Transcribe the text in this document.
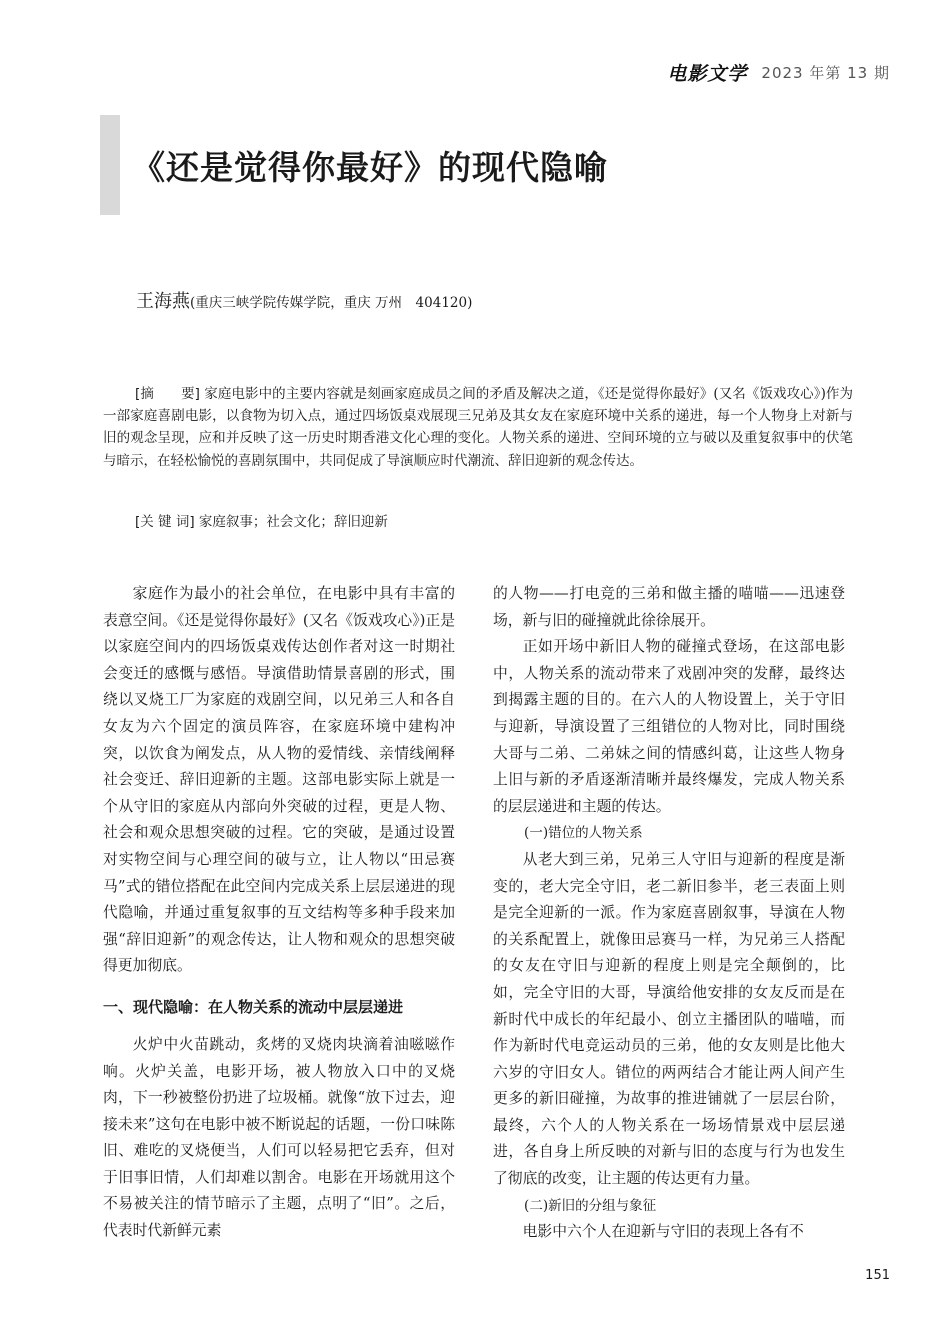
电影文学 2023 年第 13 期
《还是觉得你最好》的现代隐喻
王海燕(重庆三峡学院传媒学院，重庆 万州　404120)

[摘　　要] 家庭电影中的主要内容就是刻画家庭成员之间的矛盾及解决之道，《还是觉得你最好》(又名《饭戏攻心》)作为一部家庭喜剧电影，以食物为切入点，通过四场饭桌戏展现三兄弟及其女友在家庭环境中关系的递进，每一个人物身上对新与旧的观念呈现，应和并反映了这一历史时期香港文化心理的变化。人物关系的递进、空间环境的立与破以及重复叙事中的伏笔与暗示，在轻松愉悦的喜剧氛围中，共同促成了导演顺应时代潮流、辞旧迎新的观念传达。

[关 键 词] 家庭叙事；社会文化；辞旧迎新

家庭作为最小的社会单位，在电影中具有丰富的表意空间。《还是觉得你最好》(又名《饭戏攻心》)正是以家庭空间内的四场饭桌戏传达创作者对这一时期社会变迁的感慨与感悟。导演借助情景喜剧的形式，围绕以叉烧工厂为家庭的戏剧空间，以兄弟三人和各自女友为六个固定的演员阵容，在家庭环境中建构冲突，以饮食为阐发点，从人物的爱情线、亲情线阐释社会变迁、辞旧迎新的主题。这部电影实际上就是一个从守旧的家庭从内部向外突破的过程，更是人物、社会和观众思想突破的过程。它的突破，是通过设置对实物空间与心理空间的破与立，让人物以“田忌赛马”式的错位搭配在此空间内完成关系上层层递进的现代隐喻，并通过重复叙事的互文结构等多种手段来加强“辞旧迎新”的观念传达，让人物和观众的思想突破得更加彻底。

一、现代隐喻：在人物关系的流动中层层递进

火炉中火苗跳动，炙烤的叉烧肉块滴着油嗞嗞作响。火炉关盖，电影开场，被人物放入口中的叉烧肉，下一秒被整份扔进了垃圾桶。就像“放下过去，迎接未来”这句在电影中被不断说起的话题，一份口味陈旧、难吃的叉烧便当，人们可以轻易把它丢弃，但对于旧事旧情，人们却难以割舍。电影在开场就用这个不易被关注的情节暗示了主题，点明了“旧”。之后，代表时代新鲜元素

的人物——打电竞的三弟和做主播的喵喵——迅速登场，新与旧的碰撞就此徐徐展开。

正如开场中新旧人物的碰撞式登场，在这部电影中，人物关系的流动带来了戏剧冲突的发酵，最终达到揭露主题的目的。在六人的人物设置上，关于守旧与迎新，导演设置了三组错位的人物对比，同时围绕大哥与二弟、二弟妹之间的情感纠葛，让这些人物身上旧与新的矛盾逐渐清晰并最终爆发，完成人物关系的层层递进和主题的传达。

(一)错位的人物关系

从老大到三弟，兄弟三人守旧与迎新的程度是渐变的，老大完全守旧，老二新旧参半，老三表面上则是完全迎新的一派。作为家庭喜剧叙事，导演在人物的关系配置上，就像田忌赛马一样，为兄弟三人搭配的女友在守旧与迎新的程度上则是完全颠倒的，比如，完全守旧的大哥，导演给他安排的女友反而是在新时代中成长的年纪最小、创立主播团队的喵喵，而作为新时代电竞运动员的三弟，他的女友则是比他大六岁的守旧女人。错位的两两结合才能让两人间产生更多的新旧碰撞，为故事的推进铺就了一层层台阶，最终，六个人的人物关系在一场场情景戏中层层递进，各自身上所反映的对新与旧的态度与行为也发生了彻底的改变，让主题的传达更有力量。

(二)新旧的分组与象征

电影中六个人在迎新与守旧的表现上各有不

151
